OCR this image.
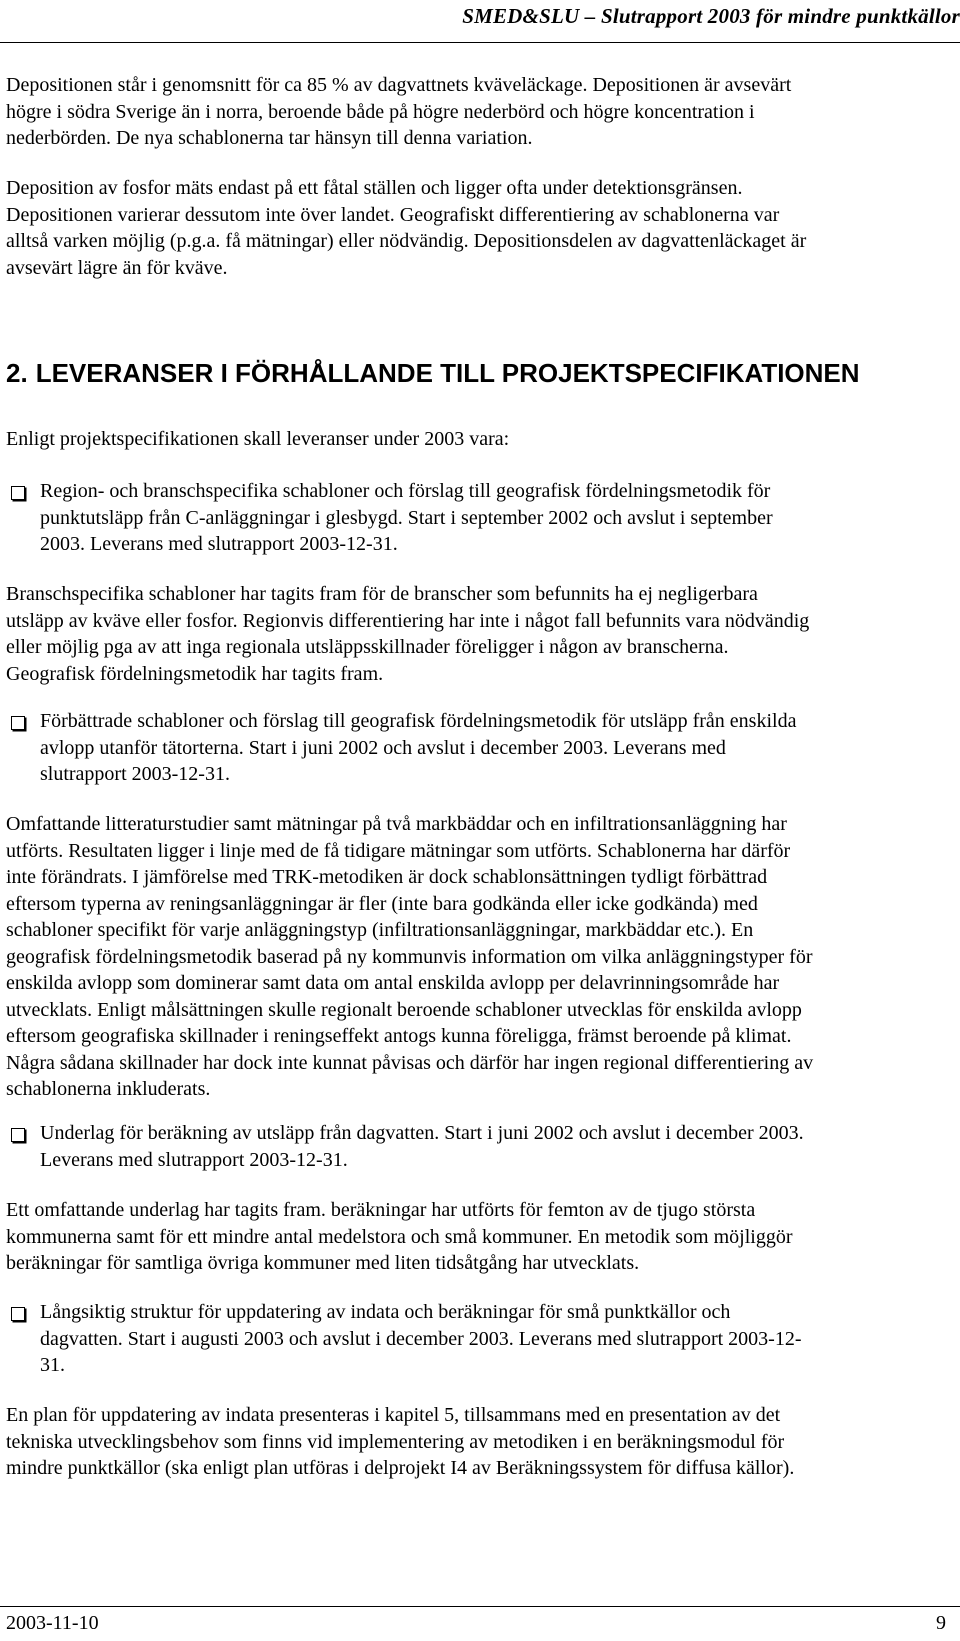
SMED&SLU – Slutrapport 2003 för mindre punktkällor
Depositionen står i genomsnitt för ca 85 % av dagvattnets kväveläckage. Depositionen är avsevärt
högre i södra Sverige än i norra, beroende både på högre nederbörd och högre koncentration i
nederbörden. De nya schablonerna tar hänsyn till denna variation.
Deposition av fosfor mäts endast på ett fåtal ställen och ligger ofta under detektionsgränsen.
Depositionen varierar dessutom inte över landet. Geografiskt differentiering av schablonerna var
alltså varken möjlig (p.g.a. få mätningar) eller nödvändig. Depositionsdelen av dagvattenläckaget är
avsevärt lägre än för kväve.
2. LEVERANSER I FÖRHÅLLANDE TILL PROJEKTSPECIFIKATIONEN
Enligt projektspecifikationen skall leveranser under 2003 vara:
Region- och branschspecifika schabloner och förslag till geografisk fördelningsmetodik för
punktutsläpp från C-anläggningar i glesbygd. Start i september 2002 och avslut i september
2003. Leverans med slutrapport 2003-12-31.
Branschspecifika schabloner har tagits fram för de branscher som befunnits ha ej negligerbara
utsläpp av kväve eller fosfor. Regionvis differentiering har inte i något fall befunnits vara nödvändig
eller möjlig pga av att inga regionala utsläppsskillnader föreligger i någon av branscherna.
Geografisk fördelningsmetodik har tagits fram.
Förbättrade schabloner och förslag till geografisk fördelningsmetodik för utsläpp från enskilda
avlopp utanför tätorterna. Start i juni 2002 och avslut i december 2003. Leverans med
slutrapport 2003-12-31.
Omfattande litteraturstudier samt mätningar på två markbäddar och en infiltrationsanläggning har
utförts. Resultaten ligger i linje med de få tidigare mätningar som utförts. Schablonerna har därför
inte förändrats. I jämförelse med TRK-metodiken är dock schablonsättningen tydligt förbättrad
eftersom typerna av reningsanläggningar är fler (inte bara godkända eller icke godkända) med
schabloner specifikt för varje anläggningstyp (infiltrationsanläggningar, markbäddar etc.). En
geografisk fördelningsmetodik baserad på ny kommunvis information om vilka anläggningstyper för
enskilda avlopp som dominerar samt data om antal enskilda avlopp per delavrinningsområde har
utvecklats. Enligt målsättningen skulle regionalt beroende schabloner utvecklas för enskilda avlopp
eftersom geografiska skillnader i reningseffekt antogs kunna föreligga, främst beroende på klimat.
Några sådana skillnader har dock inte kunnat påvisas och därför har ingen regional differentiering av
schablonerna inkluderats.
Underlag för beräkning av utsläpp från dagvatten. Start i juni 2002 och avslut i december 2003.
Leverans med slutrapport 2003-12-31.
Ett omfattande underlag har tagits fram. beräkningar har utförts för femton av de tjugo största
kommunerna samt för ett mindre antal medelstora och små kommuner. En metodik som möjliggör
beräkningar för samtliga övriga kommuner med liten tidsåtgång har utvecklats.
Långsiktig struktur för uppdatering av indata och beräkningar för små punktkällor och
dagvatten. Start i augusti 2003 och avslut i december 2003. Leverans med slutrapport 2003-12-
31.
En plan för uppdatering av indata presenteras i kapitel 5, tillsammans med en presentation av det
tekniska utvecklingsbehov som finns vid implementering av metodiken i en beräkningsmodul för
mindre punktkällor (ska enligt plan utföras i delprojekt I4 av Beräkningssystem för diffusa källor).
2003-11-10	9
